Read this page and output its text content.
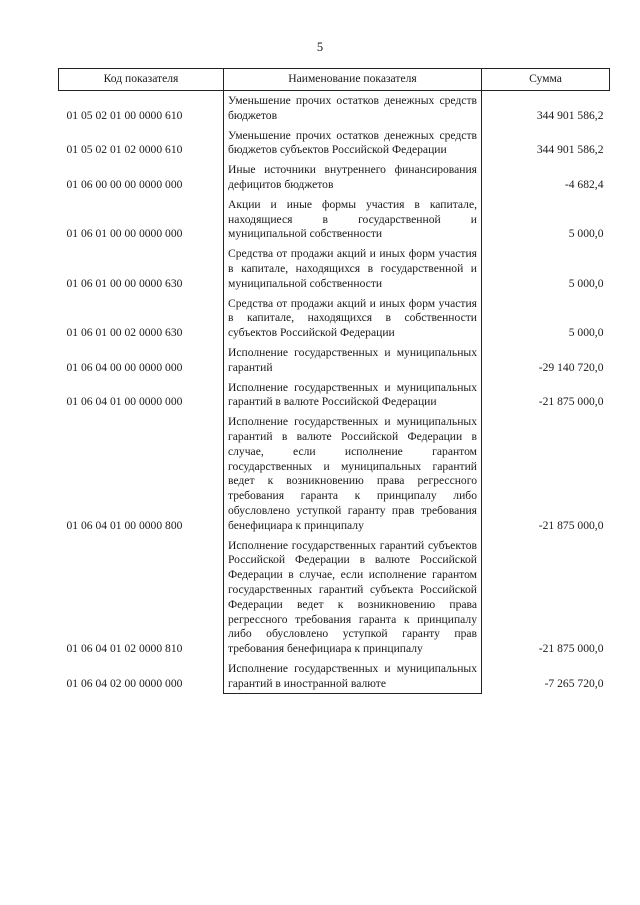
5
Код показателя	Наименование показателя	Сумма
01 05 02 01 00 0000 610	Уменьшение прочих остатков денежных средств бюджетов	344 901 586,2
01 05 02 01 02 0000 610	Уменьшение прочих остатков денежных средств бюджетов субъектов Российской Федерации	344 901 586,2
01 06 00 00 00 0000 000	Иные источники внутреннего финансирования дефицитов бюджетов	-4 682,4
01 06 01 00 00 0000 000	Акции и иные формы участия в капитале, находящиеся в государственной и муниципальной собственности	5 000,0
01 06 01 00 00 0000 630	Средства от продажи акций и иных форм участия в капитале, находящихся в государственной и муниципальной собственности	5 000,0
01 06 01 00 02 0000 630	Средства от продажи акций и иных форм участия в капитале, находящихся в собственности субъектов Российской Федерации	5 000,0
01 06 04 00 00 0000 000	Исполнение государственных и муниципальных гарантий	-29 140 720,0
01 06 04 01 00 0000 000	Исполнение государственных и муниципальных гарантий в валюте Российской Федерации	-21 875 000,0
01 06 04 01 00 0000 800	Исполнение государственных и муниципальных гарантий в валюте Российской Федерации в случае, если исполнение гарантом государственных и муниципальных гарантий ведет к возникновению права регрессного требования гаранта к принципалу либо обусловлено уступкой гаранту прав требования бенефициара к принципалу	-21 875 000,0
01 06 04 01 02 0000 810	Исполнение государственных гарантий субъектов Российской Федерации в валюте Российской Федерации в случае, если исполнение гарантом государственных гарантий субъекта Российской Федерации ведет к возникновению права регрессного требования гаранта к принципалу либо обусловлено уступкой гаранту прав требования бенефициара к принципалу	-21 875 000,0
01 06 04 02 00 0000 000	Исполнение государственных и муниципальных гарантий в иностранной валюте	-7 265 720,0
